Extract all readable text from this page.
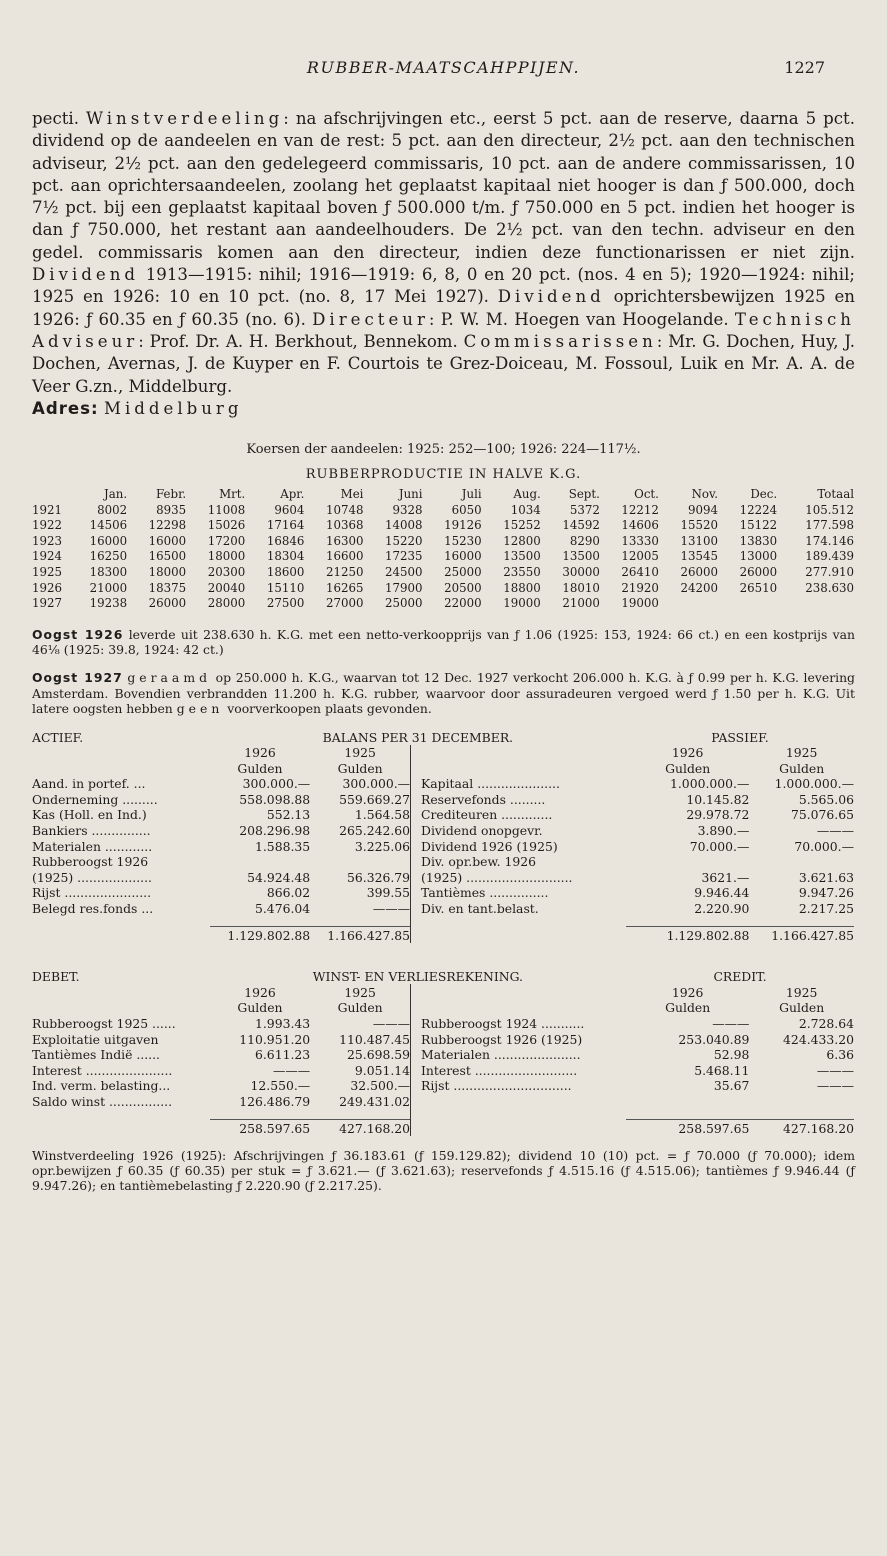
RUBBER-MAATSCAHPPIJEN.	1227

pecti. Winstverdeeling: na afschrijvingen etc., eerst 5 pct. aan de reserve, daarna 5 pct. dividend op de aandeelen en van de rest: 5 pct. aan den directeur, 2½ pct. aan den technischen adviseur, 2½ pct. aan den gedelegeerd commissaris, 10 pct. aan de andere commissarissen, 10 pct. aan oprichtersaandeelen, zoolang het geplaatst kapitaal niet hooger is dan ƒ 500.000, doch 7½ pct. bij een geplaatst kapitaal boven ƒ 500.000 t/m. ƒ 750.000 en 5 pct. indien het hooger is dan ƒ 750.000, het restant aan aandeelhouders. De 2½ pct. van den techn. adviseur en den gedel. commissaris komen aan den directeur, indien deze functionarissen er niet zijn. Dividend 1913—1915: nihil; 1916—1919: 6, 8, 0 en 20 pct. (nos. 4 en 5); 1920—1924: nihil; 1925 en 1926: 10 en 10 pct. (no. 8, 17 Mei 1927). Dividend oprichtersbewijzen 1925 en 1926: ƒ 60.35 en ƒ 60.35 (no. 6). Directeur: P. W. M. Hoegen van Hoogelande. Technisch Adviseur: Prof. Dr. A. H. Berkhout, Bennekom. Commissarissen: Mr. G. Dochen, Huy, J. Dochen, Avernas, J. de Kuyper en F. Courtois te Grez-Doiceau, M. Fossoul, Luik en Mr. A. A. de Veer G.zn., Middelburg.

Adres: Middelburg

Koersen der aandeelen: 1925: 252—100; 1926: 224—117½.
RUBBERPRODUCTIE IN HALVE K.G.
	Jan.	Febr.	Mrt.	Apr.	Mei	Juni	Juli	Aug.	Sept.	Oct.	Nov.	Dec.	Totaal
1921	8002	8935	11008	9604	10748	9328	6050	1034	5372	12212	9094	12224	105.512
1922	14506	12298	15026	17164	10368	14008	19126	15252	14592	14606	15520	15122	177.598
1923	16000	16000	17200	16846	16300	15220	15230	12800	8290	13330	13100	13830	174.146
1924	16250	16500	18000	18304	16600	17235	16000	13500	13500	12005	13545	13000	189.439
1925	18300	18000	20300	18600	21250	24500	25000	23550	30000	26410	26000	26000	277.910
1926	21000	18375	20040	15110	16265	17900	20500	18800	18010	21920	24200	26510	238.630
1927	19238	26000	28000	27500	27000	25000	22000	19000	21000	19000			

Oogst 1926 leverde uit 238.630 h. K.G. met een netto-verkoopprijs van ƒ 1.06 (1925: 153, 1924: 66 ct.) en een kostprijs van 46⅛ (1925: 39.8, 1924: 42 ct.)

Oogst 1927 geraamd op 250.000 h. K.G., waarvan tot 12 Dec. 1927 verkocht 206.000 h. K.G. à ƒ 0.99 per h. K.G. levering Amsterdam. Bovendien verbrandden 11.200 h. K.G. rubber, waarvoor door assuradeuren vergoed werd ƒ 1.50 per h. K.G. Uit latere oogsten hebben geen voorverkoopen plaats gevonden.

ACTIEF.	BALANS PER 31 DECEMBER.				PASSIEF.	
	1926	1925			1926	1925
	Gulden	Gulden			Gulden	Gulden
Aand. in portef. ...	300.000.—	300.000.—		Kapitaal .....................	1.000.000.—	1.000.000.—
Onderneming .........	558.098.88	559.669.27		Reservefonds .........	10.145.82	5.565.06
Kas (Holl. en Ind.)	552.13	1.564.58		Crediteuren .............	29.978.72	75.076.65
Bankiers ...............	208.296.98	265.242.60		Dividend onopgevr.	3.890.—	———
Materialen ............	1.588.35	3.225.06		Dividend 1926 (1925)	70.000.—	70.000.—
Rubberoogst 1926				Div. opr.bew. 1926		
(1925) ...................	54.924.48	56.326.79		(1925) ...........................	3621.—	3.621.63
Rijst ......................	866.02	399.55		Tantièmes ...............	9.946.44	9.947.26
Belegd res.fonds ...	5.476.04	———		Div. en tant.belast.	2.220.90	2.217.25

	1.129.802.88	1.166.427.85			1.129.802.88	1.166.427.85
DEBET.	WINST- EN VERLIESREKENING.				CREDIT.	
	1926	1925			1926	1925
	Gulden	Gulden			Gulden	Gulden
Rubberoogst 1925 ......	1.993.43	———		Rubberoogst 1924 ...........	———	2.728.64
Exploitatie uitgaven	110.951.20	110.487.45		Rubberoogst 1926 (1925)	253.040.89	424.433.20
Tantièmes Indië ......	6.611.23	25.698.59		Materialen ......................	52.98	6.36
Interest ......................	———	9.051.14		Interest ..........................	5.468.11	———
Ind. verm. belasting...	12.550.—	32.500.—		Rijst ..............................	35.67	———
Saldo winst ................	126.486.79	249.431.02				

	258.597.65	427.168.20			258.597.65	427.168.20
Winstverdeeling 1926 (1925): Afschrijvingen ƒ 36.183.61 (ƒ 159.129.82); dividend 10 (10) pct. = ƒ 70.000 (ƒ 70.000); idem opr.bewijzen ƒ 60.35 (ƒ 60.35) per stuk = ƒ 3.621.— (ƒ 3.621.63); reservefonds ƒ 4.515.16 (ƒ 4.515.06); tantièmes ƒ 9.946.44 (ƒ 9.947.26); en tantièmebelasting ƒ 2.220.90 (ƒ 2.217.25).
